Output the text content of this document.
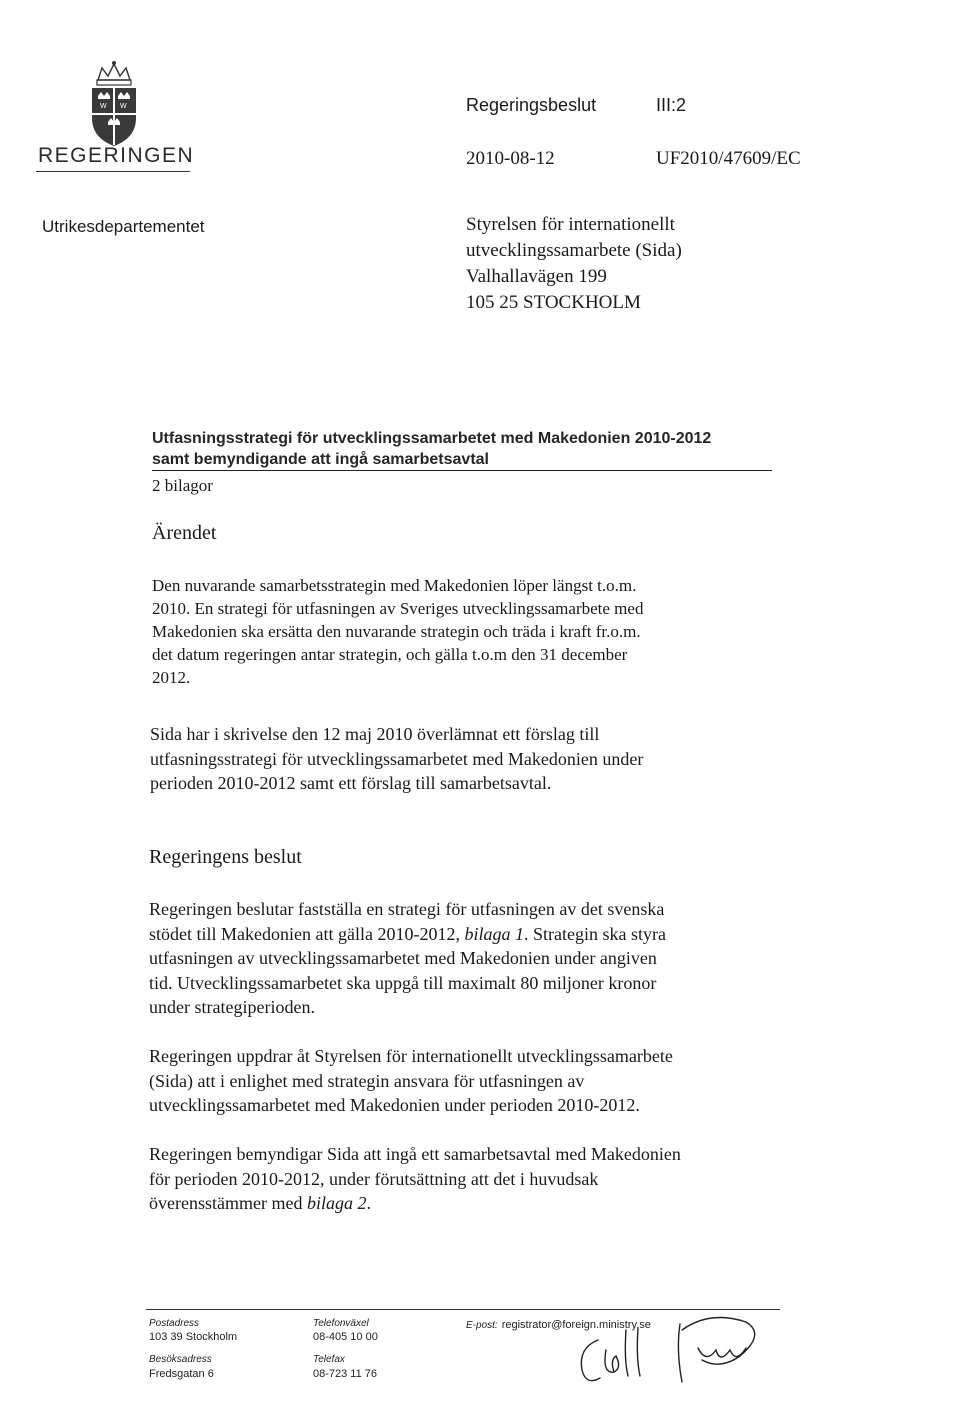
W W
REGERINGEN
Regeringsbeslut	III:2
2010-08-12	UF2010/47609/EC
Utrikesdepartementet	Styrelsen för internationellt
utvecklingssamarbete (Sida)
Valhallavägen 199
105 25 STOCKHOLM
Utfasningsstrategi för utvecklingssamarbetet med Makedonien 2010-2012
samt bemyndigande att ingå samarbetsavtal
2 bilagor
Ärendet
Den nuvarande samarbetsstrategin med Makedonien löper längst t.o.m.
2010. En strategi för utfasningen av Sveriges utvecklingssamarbete med
Makedonien ska ersätta den nuvarande strategin och träda i kraft fr.o.m.
det datum regeringen antar strategin, och gälla t.o.m den 31 december
2012.
Sida har i skrivelse den 12 maj 2010 överlämnat ett förslag till
utfasningsstrategi för utvecklingssamarbetet med Makedonien under
perioden 2010-2012 samt ett förslag till samarbetsavtal.
Regeringens beslut
Regeringen beslutar fastställa en strategi för utfasningen av det svenska
stödet till Makedonien att gälla 2010-2012, bilaga 1. Strategin ska styra
utfasningen av utvecklingssamarbetet med Makedonien under angiven
tid. Utvecklingssamarbetet ska uppgå till maximalt 80 miljoner kronor
under strategiperioden.
Regeringen uppdrar åt Styrelsen för internationellt utvecklingssamarbete
(Sida) att i enlighet med strategin ansvara för utfasningen av
utvecklingssamarbetet med Makedonien under perioden 2010-2012.
Regeringen bemyndigar Sida att ingå ett samarbetsavtal med Makedonien
för perioden 2010-2012, under förutsättning att det i huvudsak
överensstämmer med bilaga 2.
Postadress
103 39 Stockholm
Besöksadress
Fredsgatan 6
Telefonväxel
08-405 10 00
Telefax
08-723 11 76
E-post: registrator@foreign.ministry.se
